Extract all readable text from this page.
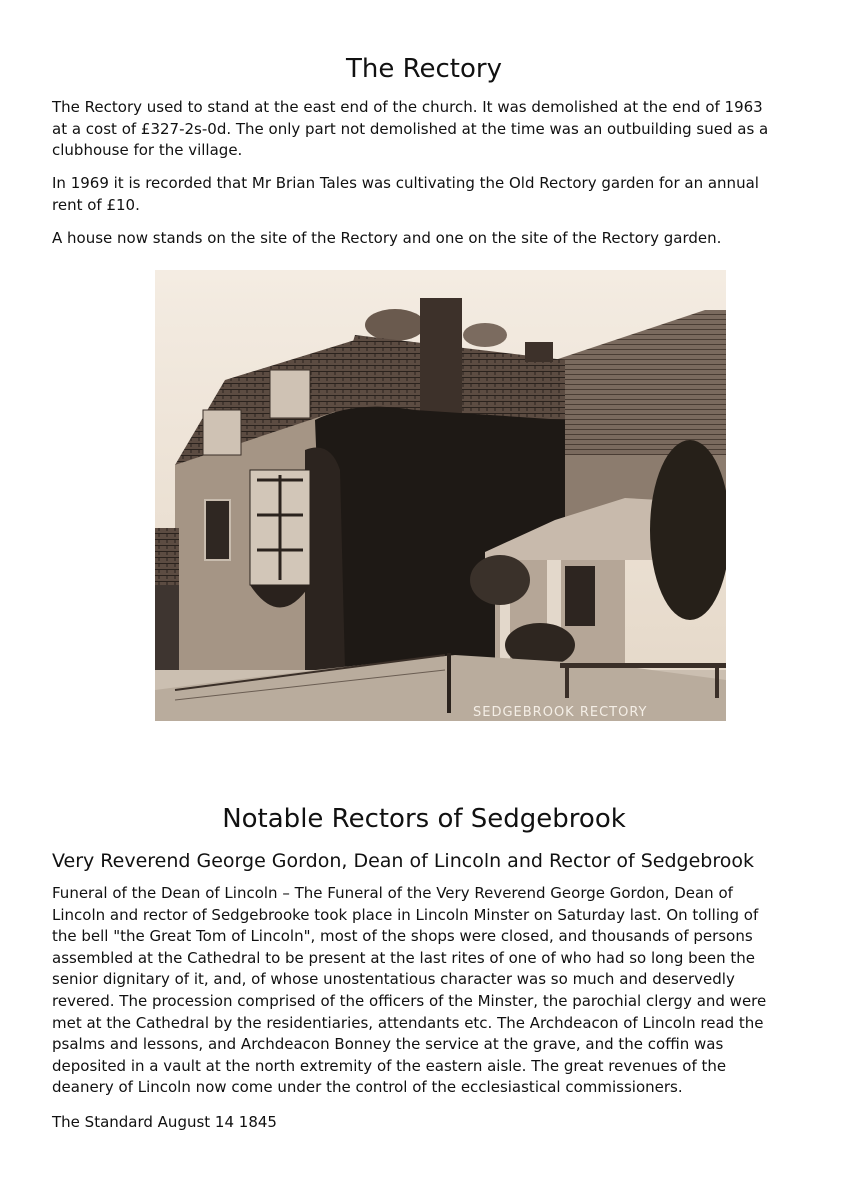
The Rectory

The Rectory used to stand at the east end of the church. It was demolished at the end of 1963
at a cost of £327-2s-0d. The only part not demolished at the time was an outbuilding sued as a
clubhouse for the village.

In 1969 it is recorded that Mr Brian Tales was cultivating the Old Rectory garden for an annual
rent of £10.

A house now stands on the site of the Rectory and one on the site of the Rectory garden.

SEDGEBROOK RECTORY
Notable Rectors of Sedgebrook
Very Reverend George Gordon, Dean of Lincoln and Rector of Sedgebrook

Funeral of the Dean of Lincoln – The Funeral of the Very Reverend George Gordon, Dean of
Lincoln and rector of Sedgebrooke took place in Lincoln Minster on Saturday last. On tolling of
the bell "the Great Tom of Lincoln", most of the shops were closed, and thousands of persons
assembled at the Cathedral to be present at the last rites of one of who had so long been the
senior dignitary of it, and, of whose unostentatious character was so much and deservedly
revered. The procession comprised of the officers of the Minster, the parochial clergy and were
met at the Cathedral by the residentiaries, attendants etc. The Archdeacon of Lincoln read the
psalms and lessons, and Archdeacon Bonney the service at the grave, and the coffin was
deposited in a vault at the north extremity of the eastern aisle. The great revenues of the
deanery of Lincoln now come under the control of the ecclesiastical commissioners.

The Standard August 14 1845
